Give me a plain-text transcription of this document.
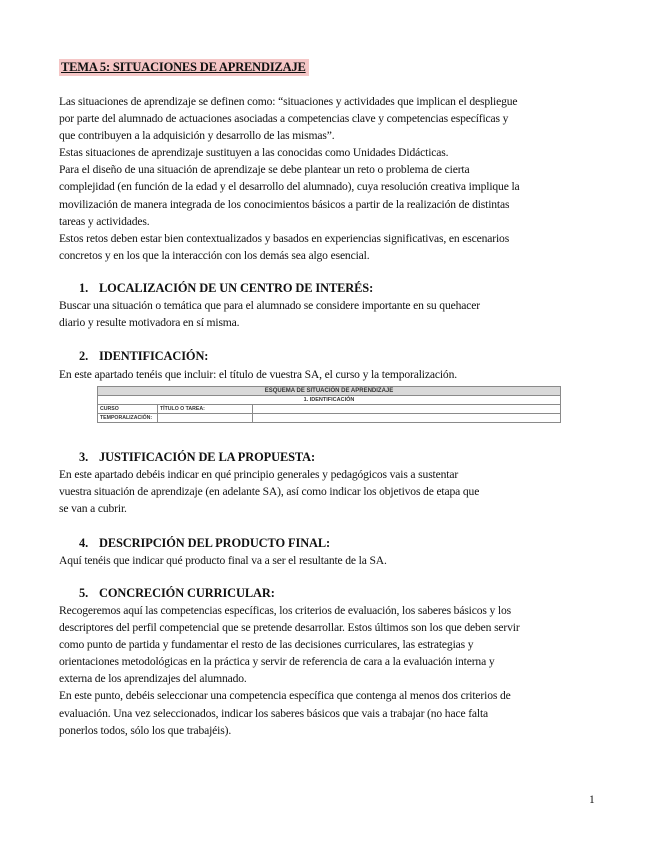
TEMA 5: SITUACIONES DE APRENDIZAJE
Las situaciones de aprendizaje se definen como: “situaciones y actividades que implican el despliegue
por parte del alumnado de actuaciones asociadas a competencias clave y competencias específicas y
que contribuyen a la adquisición y desarrollo de las mismas”.
Estas situaciones de aprendizaje sustituyen a las conocidas como Unidades Didácticas.
Para el diseño de una situación de aprendizaje se debe plantear un reto o problema de cierta
complejidad (en función de la edad y el desarrollo del alumnado), cuya resolución creativa implique la
movilización de manera integrada de los conocimientos básicos a partir de la realización de distintas
tareas y actividades.
Estos retos deben estar bien contextualizados y basados en experiencias significativas, en escenarios
concretos y en los que la interacción con los demás sea algo esencial.
1. LOCALIZACIÓN DE UN CENTRO DE INTERÉS:
Buscar una situación o temática que para el alumnado se considere importante en su quehacer
diario y resulte motivadora en sí misma.
2. IDENTIFICACIÓN:
En este apartado tenéis que incluir: el título de vuestra SA, el curso y la temporalización.
ESQUEMA DE SITUACIÓN DE APRENDIZAJE		
1. IDENTIFICACIÓN		
CURSO	TÍTULO O TAREA:	
TEMPORALIZACIÓN:		
3. JUSTIFICACIÓN DE LA PROPUESTA:
En este apartado debéis indicar en qué principio generales y pedagógicos vais a sustentar
vuestra situación de aprendizaje (en adelante SA), así como indicar los objetivos de etapa que
se van a cubrir.
4. DESCRIPCIÓN DEL PRODUCTO FINAL:
Aquí tenéis que indicar qué producto final va a ser el resultante de la SA.
5. CONCRECIÓN CURRICULAR:
Recogeremos aquí las competencias específicas, los criterios de evaluación, los saberes básicos y los
descriptores del perfil competencial que se pretende desarrollar. Estos últimos son los que deben servir
como punto de partida y fundamentar el resto de las decisiones curriculares, las estrategias y
orientaciones metodológicas en la práctica y servir de referencia de cara a la evaluación interna y
externa de los aprendizajes del alumnado.
En este punto, debéis seleccionar una competencia específica que contenga al menos dos criterios de
evaluación. Una vez seleccionados, indicar los saberes básicos que vais a trabajar (no hace falta
ponerlos todos, sólo los que trabajéis).
1
